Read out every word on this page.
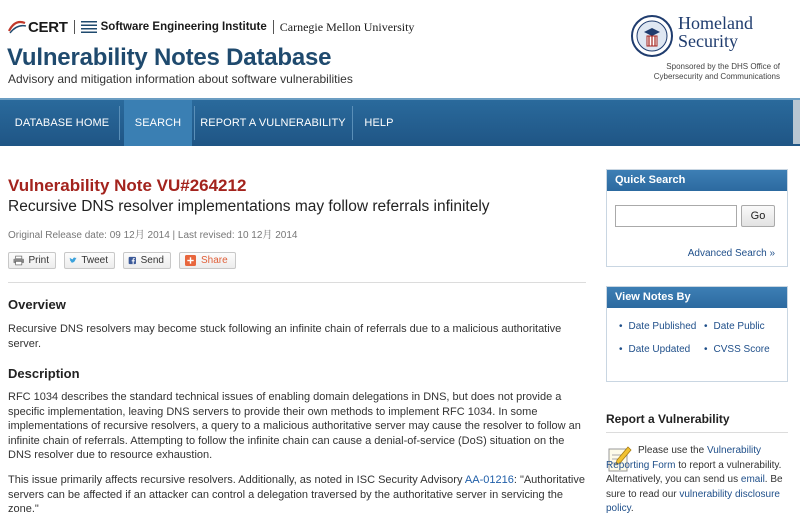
CERT	Software Engineering Institute Carnegie Mellon University
Vulnerability Notes Database
Advisory and mitigation information about software vulnerabilities
Homeland
Security
Sponsored by the DHS Office of
Cybersecurity and Communications
DATABASE HOME	SEARCH	REPORT A VULNERABILITY	HELP
Vulnerability Note VU#264212
Recursive DNS resolver implementations may follow referrals infinitely
Original Release date: 09 12月 2014 | Last revised: 10 12月 2014
Print	Tweet	Send	Share
Overview
Recursive DNS resolvers may become stuck following an infinite chain of referrals due to a malicious authoritative server.
Description
RFC 1034 describes the standard technical issues of enabling domain delegations in DNS, but does not provide a specific implementation, leaving DNS servers to provide their own methods to implement RFC 1034. In some implementations of recursive resolvers, a query to a malicious authoritative server may cause the resolver to follow an infinite chain of referrals. Attempting to follow the infinite chain can cause a denial-of-service (DoS) situation on the DNS resolver due to resource exhaustion.
This issue primarily affects recursive resolvers. Additionally, as noted in ISC Security Advisory AA-01216: "Authoritative servers can be affected if an attacker can control a delegation traversed by the authoritative server in servicing the zone."
Quick Search
Go
Advanced Search »
View Notes By
• Date Published	• Date Public
• Date Updated	• CVSS Score
Report a Vulnerability
Please use the Vulnerability Reporting Form to report a vulnerability. Alternatively, you can send us email. Be sure to read our vulnerability disclosure policy.
